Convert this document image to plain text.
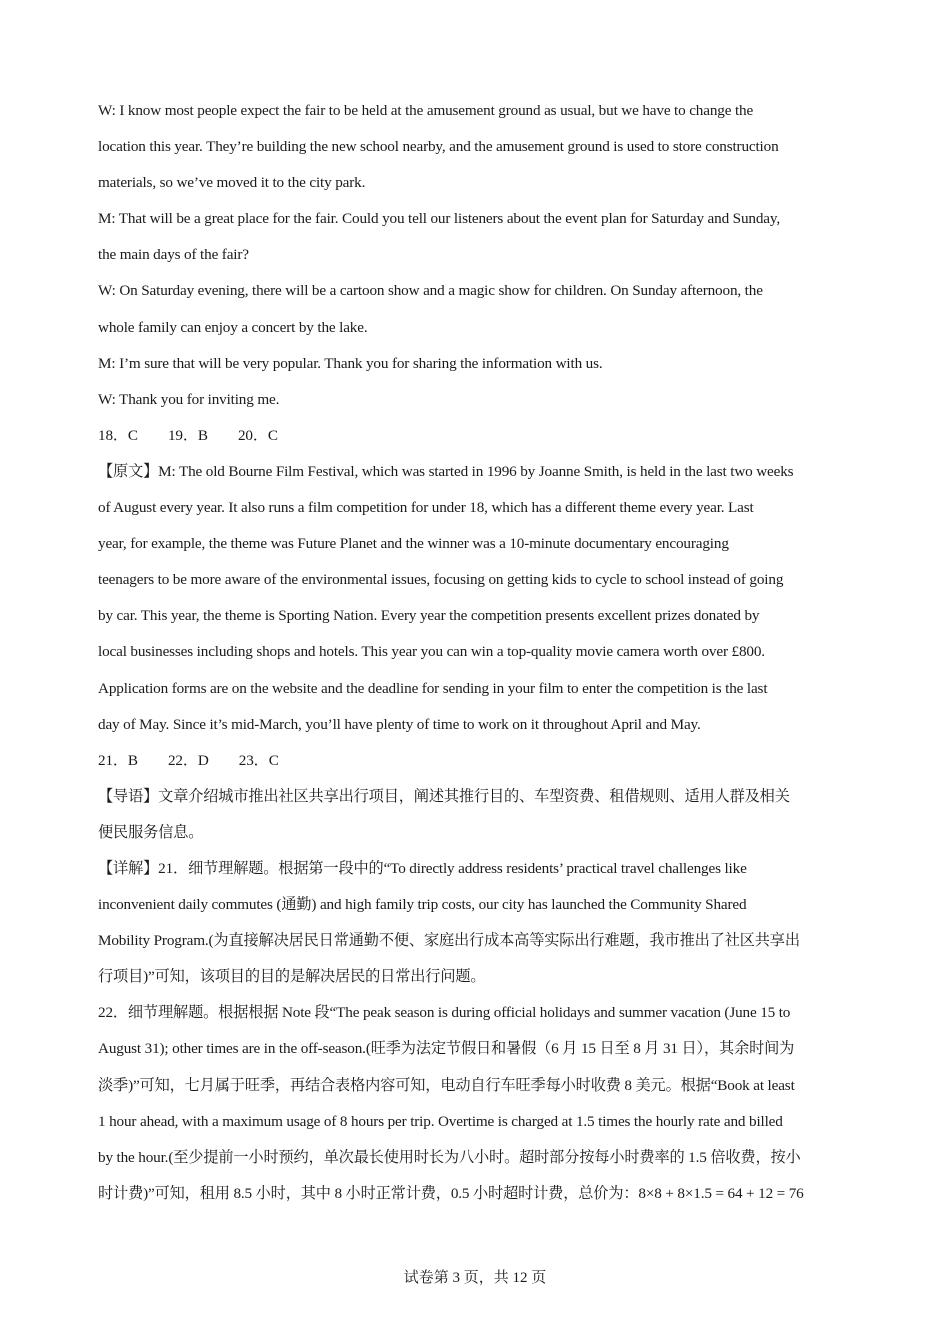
W: I know most people expect the fair to be held at the amusement ground as usual, but we have to change the
location this year. They’re building the new school nearby, and the amusement ground is used to store construction
materials, so we’ve moved it to the city park.
M: That will be a great place for the fair. Could you tell our listeners about the event plan for Saturday and Sunday,
the main days of the fair?
W: On Saturday evening, there will be a cartoon show and a magic show for children. On Sunday afternoon, the
whole family can enjoy a concert by the lake.
M: I’m sure that will be very popular. Thank you for sharing the information with us.
W: Thank you for inviting me.
18．C　　19．B　　20．C
【原文】M: The old Bourne Film Festival, which was started in 1996 by Joanne Smith, is held in the last two weeks
of August every year. It also runs a film competition for under 18, which has a different theme every year. Last
year, for example, the theme was Future Planet and the winner was a 10-minute documentary encouraging
teenagers to be more aware of the environmental issues, focusing on getting kids to cycle to school instead of going
by car. This year, the theme is Sporting Nation. Every year the competition presents excellent prizes donated by
local businesses including shops and hotels. This year you can win a top-quality movie camera worth over £800.
Application forms are on the website and the deadline for sending in your film to enter the competition is the last
day of May. Since it’s mid-March, you’ll have plenty of time to work on it throughout April and May.
21．B　　22．D　　23．C
【导语】文章介绍城市推出社区共享出行项目，阐述其推行目的、车型资费、租借规则、适用人群及相关
便民服务信息。
【详解】21．细节理解题。根据第一段中的“To directly address residents’ practical travel challenges like
inconvenient daily commutes (通勤) and high family trip costs, our city has launched the Community Shared
Mobility Program.(为直接解决居民日常通勤不便、家庭出行成本高等实际出行难题，我市推出了社区共享出
行项目)”可知，该项目的目的是解决居民的日常出行问题。
22．细节理解题。根据根据 Note 段“The peak season is during official holidays and summer vacation (June 15 to
August 31); other times are in the off-season.(旺季为法定节假日和暑假（6 月 15 日至 8 月 31 日），其余时间为
淡季)”可知，七月属于旺季，再结合表格内容可知，电动自行车旺季每小时收费 8 美元。根据“Book at least
1 hour ahead, with a maximum usage of 8 hours per trip. Overtime is charged at 1.5 times the hourly rate and billed
by the hour.(至少提前一小时预约，单次最长使用时长为八小时。超时部分按每小时费率的 1.5 倍收费，按小
时计费)”可知，租用 8.5 小时，其中 8 小时正常计费，0.5 小时超时计费，总价为：8×8 + 8×1.5 = 64 + 12 = 76
试卷第 3 页，共 12 页
